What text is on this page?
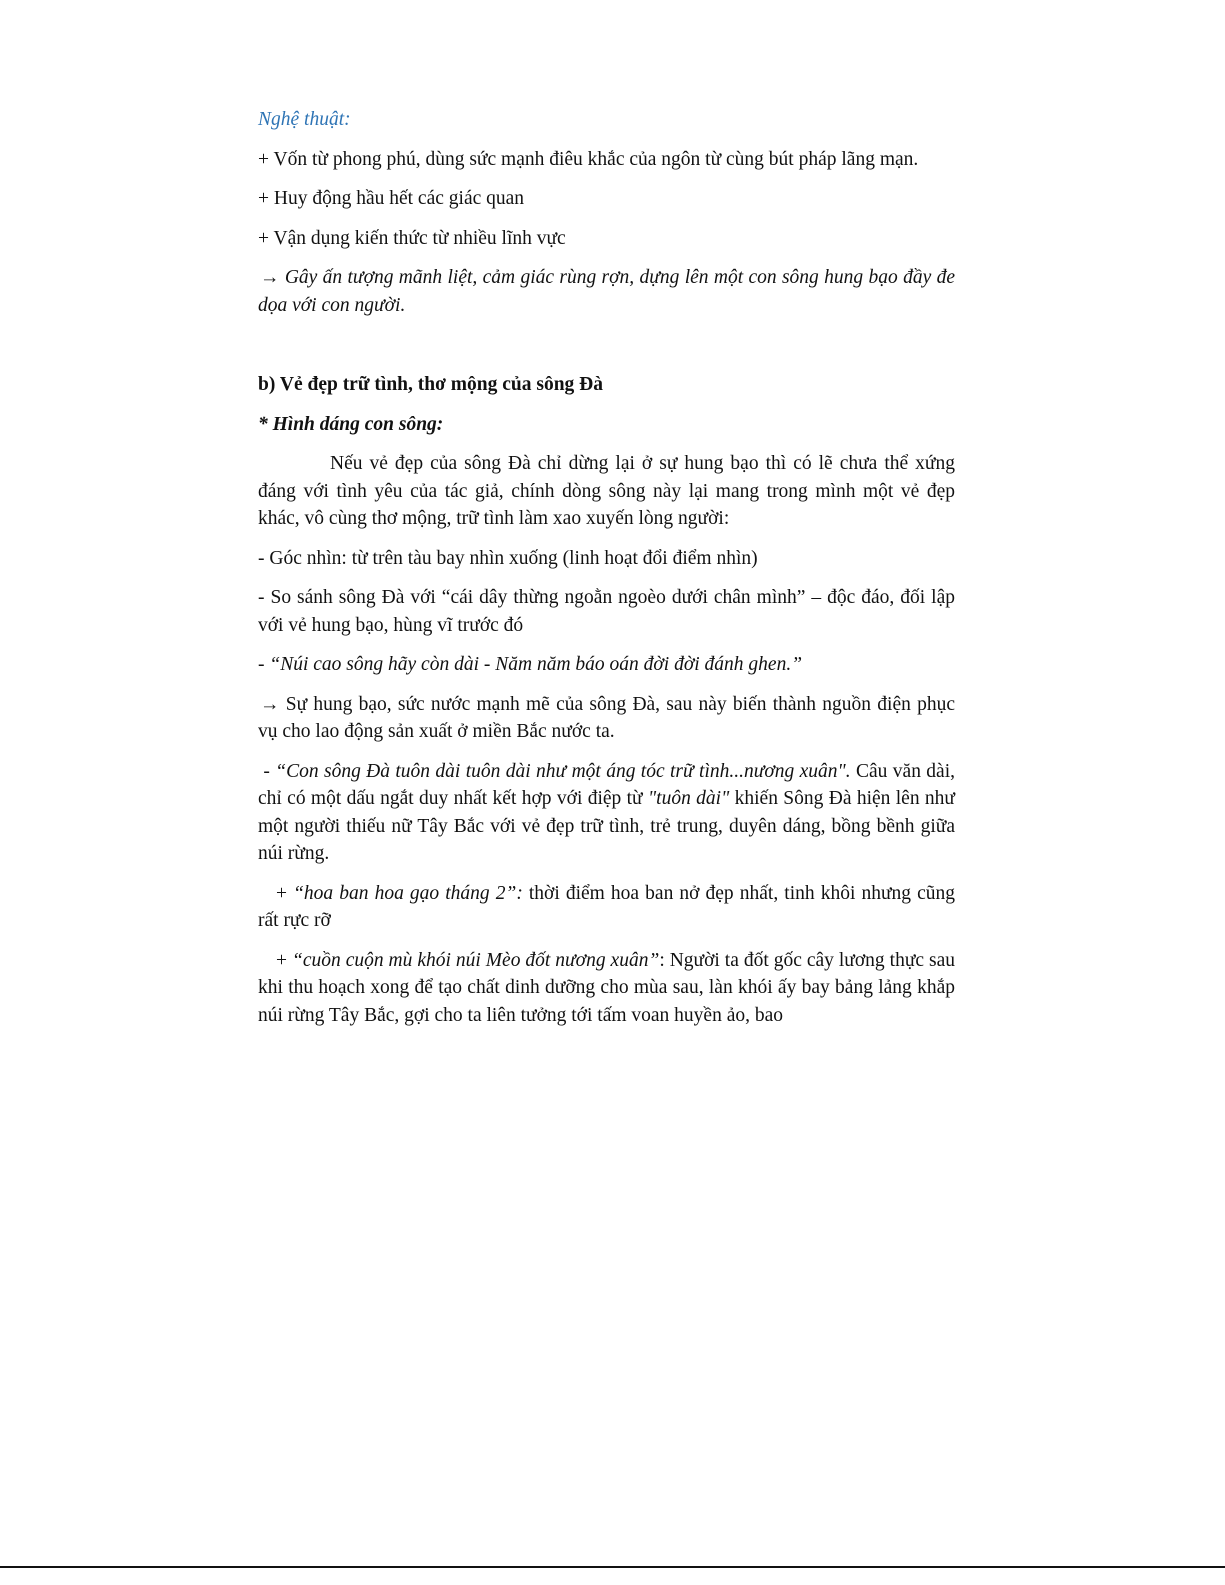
Nghệ thuật:

+ Vốn từ phong phú, dùng sức mạnh điêu khắc của ngôn từ cùng bút pháp lãng mạn.

+ Huy động hầu hết các giác quan

+ Vận dụng kiến thức từ nhiều lĩnh vực

→ Gây ấn tượng mãnh liệt, cảm giác rùng rợn, dựng lên một con sông hung bạo đầy đe dọa với con người.

b) Vẻ đẹp trữ tình, thơ mộng của sông Đà

* Hình dáng con sông:

Nếu vẻ đẹp của sông Đà chỉ dừng lại ở sự hung bạo thì có lẽ chưa thể xứng đáng với tình yêu của tác giả, chính dòng sông này lại mang trong mình một vẻ đẹp khác, vô cùng thơ mộng, trữ tình làm xao xuyến lòng người:

- Góc nhìn: từ trên tàu bay nhìn xuống (linh hoạt đổi điểm nhìn)

- So sánh sông Đà với “cái dây thừng ngoằn ngoèo dưới chân mình” – độc đáo, đối lập với vẻ hung bạo, hùng vĩ trước đó

- “Núi cao sông hãy còn dài - Năm năm báo oán đời đời đánh ghen.”

→ Sự hung bạo, sức nước mạnh mẽ của sông Đà, sau này biến thành nguồn điện phục vụ cho lao động sản xuất ở miền Bắc nước ta.

- “Con sông Đà tuôn dài tuôn dài như một áng tóc trữ tình...nương xuân". Câu văn dài, chỉ có một dấu ngắt duy nhất kết hợp với điệp từ "tuôn dài" khiến Sông Đà hiện lên như một người thiếu nữ Tây Bắc với vẻ đẹp trữ tình, trẻ trung, duyên dáng, bồng bềnh giữa núi rừng.

+ “hoa ban hoa gạo tháng 2”: thời điểm hoa ban nở đẹp nhất, tinh khôi nhưng cũng rất rực rỡ

+ “cuồn cuộn mù khói núi Mèo đốt nương xuân”: Người ta đốt gốc cây lương thực sau khi thu hoạch xong để tạo chất dinh dưỡng cho mùa sau, làn khói ấy bay bảng lảng khắp núi rừng Tây Bắc, gợi cho ta liên tưởng tới tấm voan huyền ảo, bao
